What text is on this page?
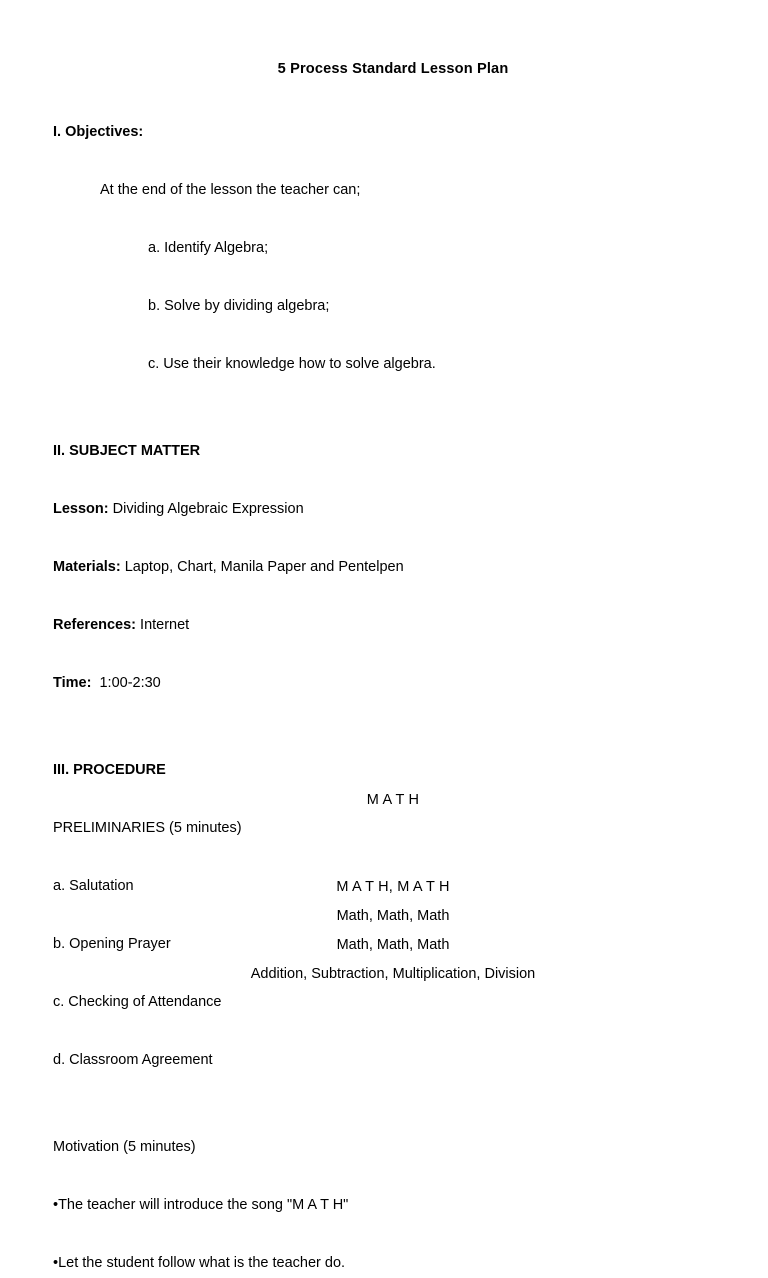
5 Process Standard Lesson Plan
I. Objectives:

At the end of the lesson the teacher can;

a. Identify Algebra;

b. Solve by dividing algebra;

c. Use their knowledge how to solve algebra.

II. SUBJECT MATTER

Lesson: Dividing Algebraic Expression

Materials: Laptop, Chart, Manila Paper and Pentelpen

References: Internet

Time:  1:00-2:30

III. PROCEDURE

PRELIMINARIES (5 minutes)

a. Salutation

b. Opening Prayer

c. Checking of Attendance

d. Classroom Agreement

Motivation (5 minutes)

•The teacher will introduce the song "M A T H"

•Let the student follow what is the teacher do.
M A T H

M A T H, M A T H
Math, Math, Math
Math, Math, Math
Addition, Subtraction, Multiplication, Division
